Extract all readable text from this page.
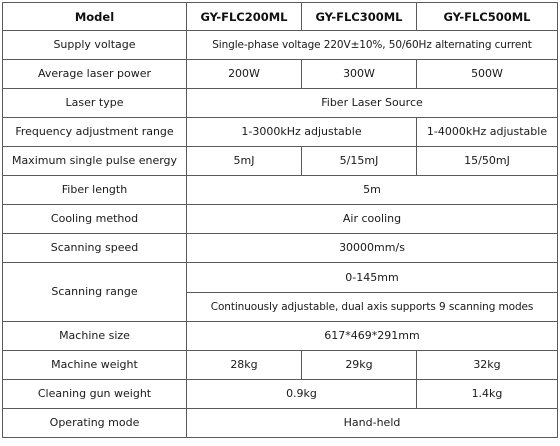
Model	GY-FLC200ML	GY-FLC300ML	GY-FLC500ML
Supply voltage	Single-phase voltage 220V±10%, 50/60Hz alternating current		
Average laser power	200W	300W	500W
Laser type	Fiber Laser Source		
Frequency adjustment range	1-3000kHz adjustable		1-4000kHz adjustable
Maximum single pulse energy	5mJ	5/15mJ	15/50mJ
Fiber length	5m		
Cooling method	Air cooling		
Scanning speed	30000mm/s		
Scanning range	0-145mm		
	Continuously adjustable, dual axis supports 9 scanning modes		
Machine size	617*469*291mm		
Machine weight	28kg	29kg	32kg
Cleaning gun weight	0.9kg		1.4kg
Operating mode	Hand-held		
